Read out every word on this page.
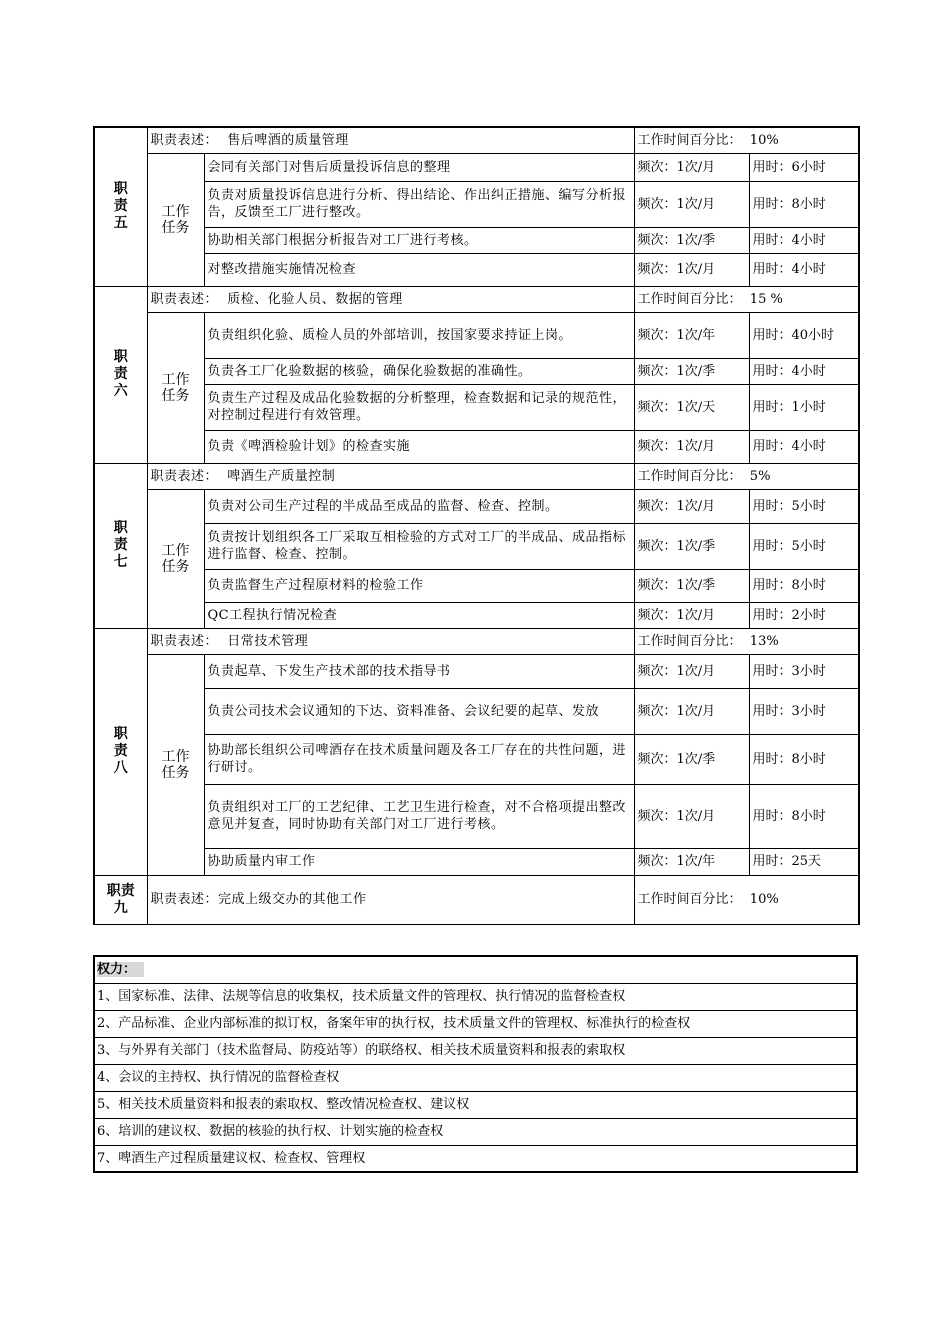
职责五	职责表述： 售后啤酒的质量管理		工作时间百分比： 10%	
	工作任务	会同有关部门对售后质量投诉信息的整理	频次：1次/月	用时：6小时
		负责对质量投诉信息进行分析、得出结论、作出纠正措施、编写分析报告，反馈至工厂进行整改。	频次：1次/月	用时：8小时
		协助相关部门根据分析报告对工厂进行考核。	频次：1次/季	用时：4小时
		对整改措施实施情况检查	频次：1次/月	用时：4小时
职责六	职责表述： 质检、化验人员、数据的管理		工作时间百分比： 15 %	
	工作任务	负责组织化验、质检人员的外部培训，按国家要求持证上岗。	频次：1次/年	用时：40小时
		负责各工厂化验数据的核验，确保化验数据的准确性。	频次：1次/季	用时：4小时
		负责生产过程及成品化验数据的分析整理，检查数据和记录的规范性，对控制过程进行有效管理。	频次：1次/天	用时：1小时
		负责《啤酒检验计划》的检查实施	频次：1次/月	用时：4小时
职责七	职责表述： 啤酒生产质量控制		工作时间百分比： 5%	
	工作任务	负责对公司生产过程的半成品至成品的监督、检查、控制。	频次：1次/月	用时：5小时
		负责按计划组织各工厂采取互相检验的方式对工厂的半成品、成品指标进行监督、检查、控制。	频次：1次/季	用时：5小时
		负责监督生产过程原材料的检验工作	频次：1次/季	用时：8小时
		QC工程执行情况检查	频次：1次/月	用时：2小时
职责八	职责表述： 日常技术管理		工作时间百分比： 13%	
	工作任务	负责起草、下发生产技术部的技术指导书	频次：1次/月	用时：3小时
		负责公司技术会议通知的下达、资料准备、会议纪要的起草、发放	频次：1次/月	用时：3小时
		协助部长组织公司啤酒存在技术质量问题及各工厂存在的共性问题，进行研讨。	频次：1次/季	用时：8小时
		负责组织对工厂的工艺纪律、工艺卫生进行检查，对不合格项提出整改意见并复查，同时协助有关部门对工厂进行考核。	频次：1次/月	用时：8小时
		协助质量内审工作	频次：1次/年	用时：25天
职责九	职责表述：完成上级交办的其他工作		工作时间百分比： 10%	
权力：
1、国家标准、法律、法规等信息的收集权，技术质量文件的管理权、执行情况的监督检查权
2、产品标准、企业内部标准的拟订权，备案年审的执行权，技术质量文件的管理权、标准执行的检查权
3、与外界有关部门（技术监督局、防疫站等）的联络权、相关技术质量资料和报表的索取权
4、会议的主持权、执行情况的监督检查权
5、相关技术质量资料和报表的索取权、整改情况检查权、建议权
6、培训的建议权、数据的核验的执行权、计划实施的检查权
7、啤酒生产过程质量建议权、检查权、管理权
